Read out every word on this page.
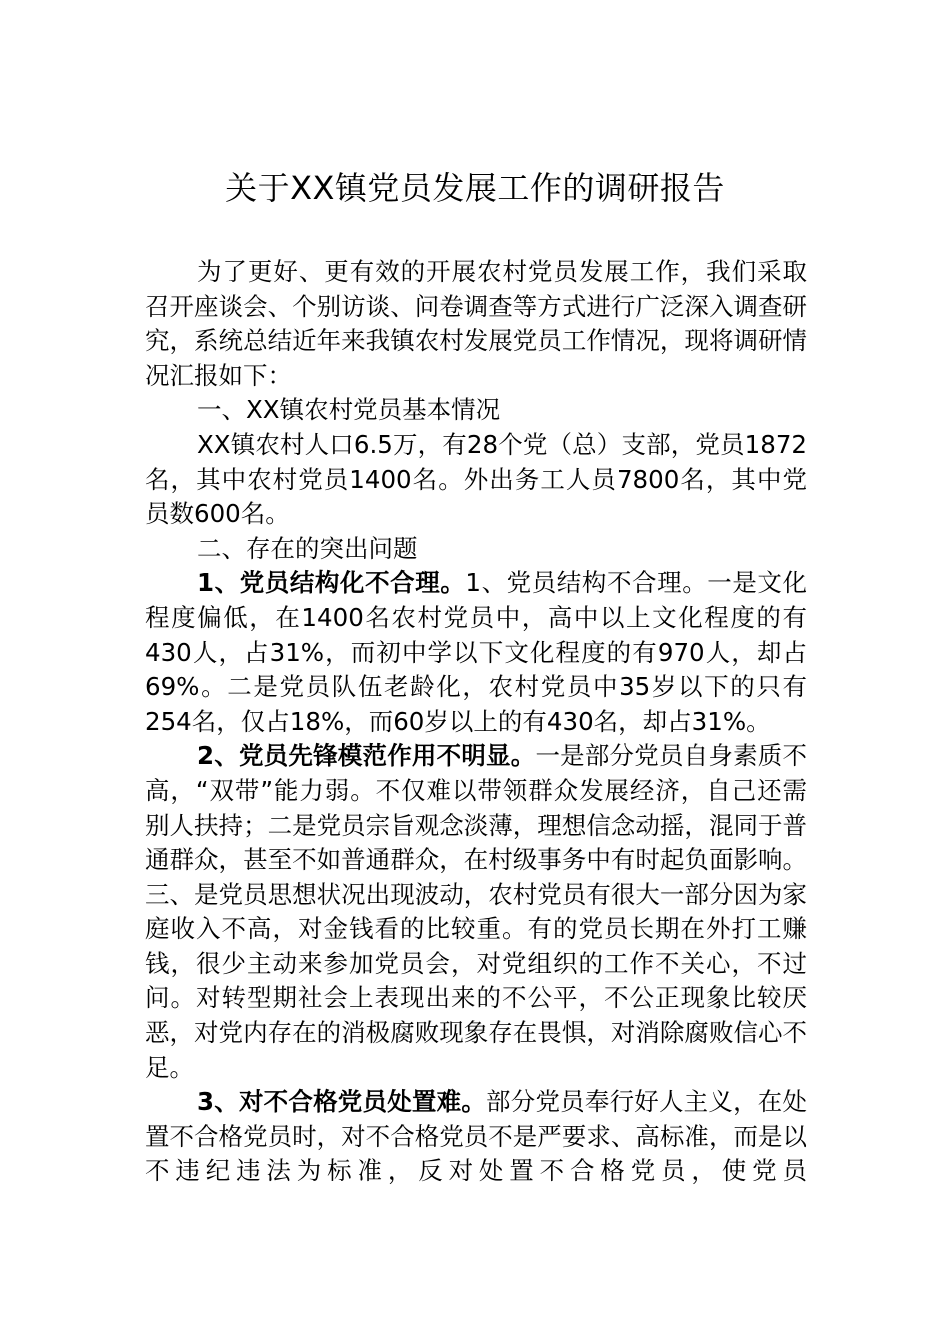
关于XX镇党员发展工作的调研报告

为了更好、更有效的开展农村党员发展工作，我们采取召开座谈会、个别访谈、问卷调查等方式进行广泛深入调查研究，系统总结近年来我镇农村发展党员工作情况，现将调研情况汇报如下：

一、XX镇农村党员基本情况

XX镇农村人口6.5万，有28个党（总）支部，党员1872名，其中农村党员1400名。外出务工人员7800名，其中党员数600名。

二、存在的突出问题

1、党员结构化不合理。1、党员结构不合理。一是文化程度偏低，在1400名农村党员中，高中以上文化程度的有430人，占31%，而初中学以下文化程度的有970人，却占69%。二是党员队伍老龄化，农村党员中35岁以下的只有254名，仅占18%，而60岁以上的有430名，却占31%。

2、党员先锋模范作用不明显。一是部分党员自身素质不高，“双带”能力弱。不仅难以带领群众发展经济，自己还需别人扶持；二是党员宗旨观念淡薄，理想信念动摇，混同于普通群众，甚至不如普通群众，在村级事务中有时起负面影响。三、是党员思想状况出现波动，农村党员有很大一部分因为家庭收入不高，对金钱看的比较重。有的党员长期在外打工赚钱，很少主动来参加党员会，对党组织的工作不关心，不过问。对转型期社会上表现出来的不公平，不公正现象比较厌恶，对党内存在的消极腐败现象存在畏惧，对消除腐败信心不足。

3、对不合格党员处置难。部分党员奉行好人主义，在处置不合格党员时，对不合格党员不是严要求、高标准，而是以不违纪违法为标准，反对处置不合格党员，使党员
